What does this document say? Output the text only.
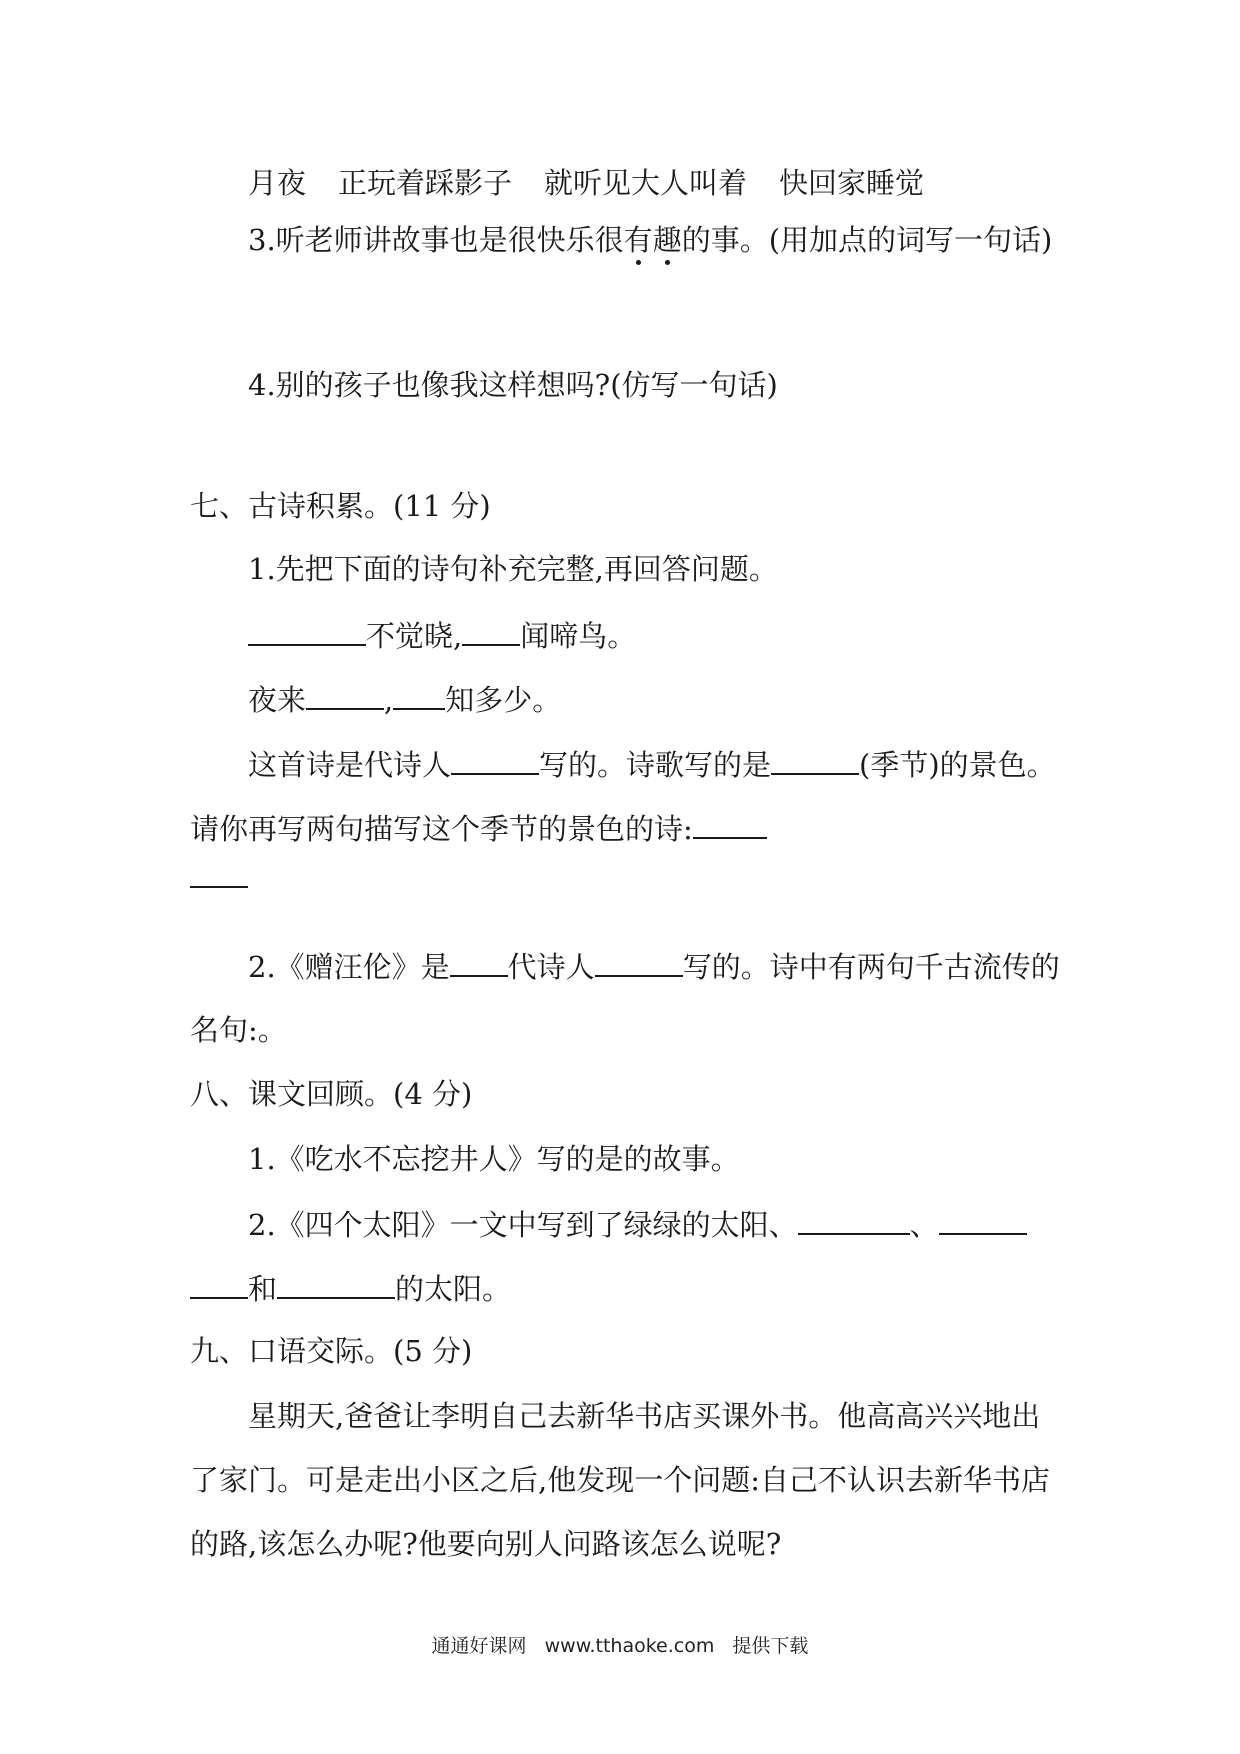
月夜 正玩着踩影子 就听见大人叫着 快回家睡觉
3.听老师讲故事也是很快乐很有趣的事。(用加点的词写一句话)
4.别的孩子也像我这样想吗?(仿写一句话)
七、古诗积累。(11 分)
1.先把下面的诗句补充完整,再回答问题。
不觉晓, 闻啼鸟。
夜来	, 知多少。
这首诗是代诗人	写的。诗歌写的是	(季节)的景色。
请你再写两句描写这个季节的景色的诗:
2.《赠汪伦》是 代诗人	写的。诗中有两句千古流传的
名句:。
八、课文回顾。(4 分)
1.《吃水不忘挖井人》写的是的故事。
2.《四个太阳》一文中写到了绿绿的太阳、	、
和	的太阳。
九、口语交际。(5 分)
星期天,爸爸让李明自己去新华书店买课外书。他高高兴兴地出
了家门。可是走出小区之后,他发现一个问题:自己不认识去新华书店
的路,该怎么办呢?他要向别人问路该怎么说呢?
通通好课网 www.tthaoke.com 提供下载
